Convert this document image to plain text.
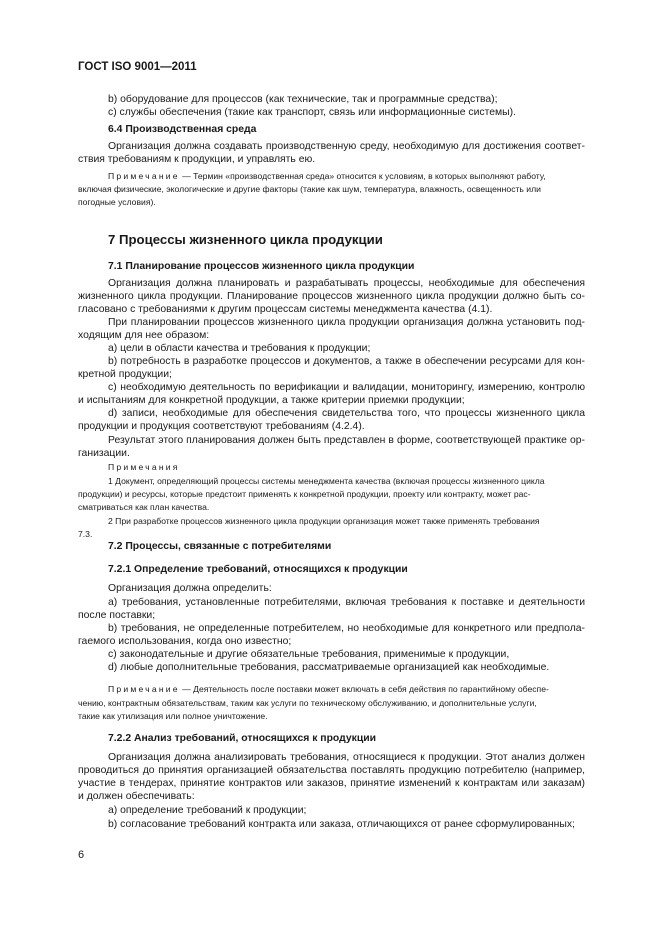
ГОСТ ISO 9001—2011
b) оборудование для процессов (как технические, так и программные средства);
c) службы обеспечения (такие как транспорт, связь или информационные системы).
6.4 Производственная среда
Организация должна создавать производственную среду, необходимую для достижения соответ-
ствия требованиям к продукции, и управлять ею.
Примечание — Термин «производственная среда» относится к условиям, в которых выполняют работу,
включая физические, экологические и другие факторы (такие как шум, температура, влажность, освещенность или
погодные условия).
7 Процессы жизненного цикла продукции
7.1 Планирование процессов жизненного цикла продукции
Организация должна планировать и разрабатывать процессы, необходимые для обеспечения
жизненного цикла продукции. Планирование процессов жизненного цикла продукции должно быть со-
гласовано с требованиями к другим процессам системы менеджмента качества (4.1).
При планировании процессов жизненного цикла продукции организация должна установить под-
ходящим для нее образом:
a) цели в области качества и требования к продукции;
b) потребность в разработке процессов и документов, а также в обеспечении ресурсами для кон-
кретной продукции;
c) необходимую деятельность по верификации и валидации, мониторингу, измерению, контролю
и испытаниям для конкретной продукции, а также критерии приемки продукции;
d) записи, необходимые для обеспечения свидетельства того, что процессы жизненного цикла
продукции и продукция соответствуют требованиям (4.2.4).
Результат этого планирования должен быть представлен в форме, соответствующей практике ор-
ганизации.
Примечания
1 Документ, определяющий процессы системы менеджмента качества (включая процессы жизненного цикла
продукции) и ресурсы, которые предстоит применять к конкретной продукции, проекту или контракту, может рас-
сматриваться как план качества.
2 При разработке процессов жизненного цикла продукции организация может также применять требования
7.3.
7.2 Процессы, связанные с потребителями
7.2.1 Определение требований, относящихся к продукции
Организация должна определить:
a) требования, установленные потребителями, включая требования к поставке и деятельности
после поставки;
b) требования, не определенные потребителем, но необходимые для конкретного или предпола-
гаемого использования, когда оно известно;
c) законодательные и другие обязательные требования, применимые к продукции,
d) любые дополнительные требования, рассматриваемые организацией как необходимые.
Примечание — Деятельность после поставки может включать в себя действия по гарантийному обеспе-
чению, контрактным обязательствам, таким как услуги по техническому обслуживанию, и дополнительные услуги,
такие как утилизация или полное уничтожение.
7.2.2 Анализ требований, относящихся к продукции
Организация должна анализировать требования, относящиеся к продукции. Этот анализ должен
проводиться до принятия организацией обязательства поставлять продукцию потребителю (например,
участие в тендерах, принятие контрактов или заказов, принятие изменений к контрактам или заказам)
и должен обеспечивать:
a) определение требований к продукции;
b) согласование требований контракта или заказа, отличающихся от ранее сформулированных;
6
